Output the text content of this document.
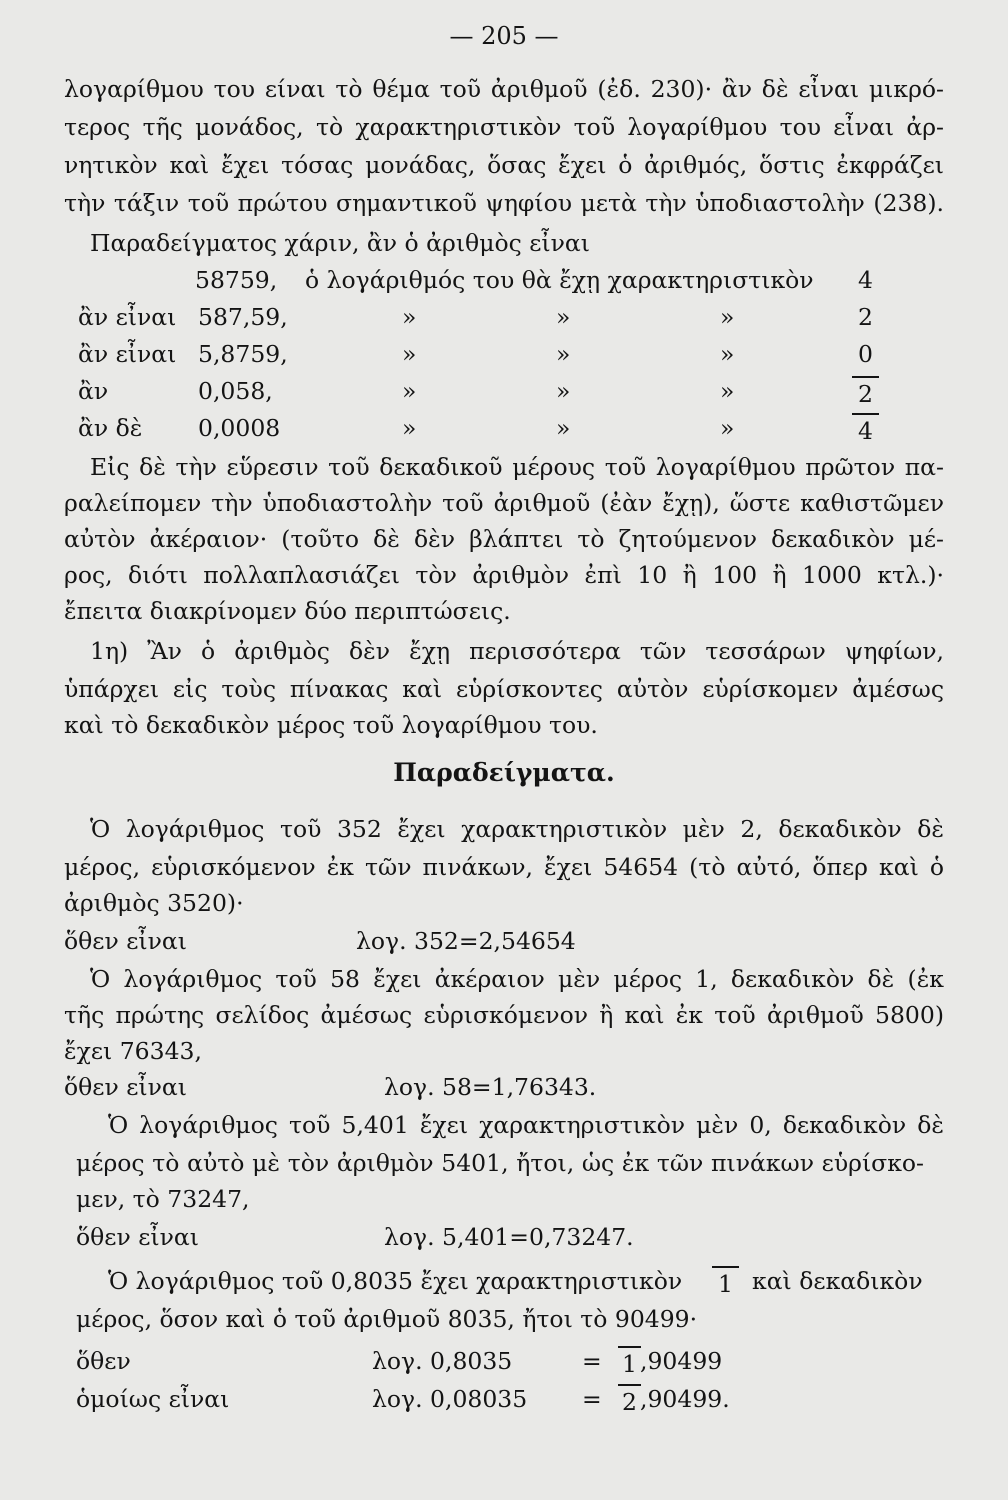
— 205 —
λογαρίθμου του είναι τὸ θέμα τοῦ ἀριθμοῦ (ἐδ. 230)· ἂν δὲ εἶναι μικρό-
τερος τῆς μονάδος, τὸ χαρακτηριστικὸν τοῦ λογαρίθμου του εἶναι ἀρ-
νητικὸν καὶ ἔχει τόσας μονάδας, ὅσας ἔχει ὁ ἀριθμός, ὅστις ἐκφράζει
τὴν τάξιν τοῦ πρώτου σημαντικοῦ ψηφίου μετὰ τὴν ὑποδιαστολὴν (238).
Παραδείγματος χάριν, ἂν ὁ ἀριθμὸς εἶναι
58759, ὁ λογάριθμός του θὰ ἔχῃ χαρακτηριστικὸν 4
ἂν εἶναι 587,59,	»	»	»	2
ἂν εἶναι 5,8759,	»	»	»	0
ἂν	0,058,	»	»	»	2
ἂν δὲ 0,0008	»	»	»	4
Εἰς δὲ τὴν εὕρεσιν τοῦ δεκαδικοῦ μέρους τοῦ λογαρίθμου πρῶτον πα-
ραλείπομεν τὴν ὑποδιαστολὴν τοῦ ἀριθμοῦ (ἐὰν ἔχῃ), ὥστε καθιστῶμεν
αὐτὸν ἀκέραιον· (τοῦτο δὲ δὲν βλάπτει τὸ ζητούμενον δεκαδικὸν μέ-
ρος, διότι πολλαπλασιάζει τὸν ἀριθμὸν ἐπὶ 10 ἢ 100 ἢ 1000 κτλ.)·
ἔπειτα διακρίνομεν δύο περιπτώσεις.
1η) Ἂν ὁ ἀριθμὸς δὲν ἔχῃ περισσότερα τῶν τεσσάρων ψηφίων,
ὑπάρχει εἰς τοὺς πίνακας καὶ εὑρίσκοντες αὐτὸν εὑρίσκομεν ἀμέσως
καὶ τὸ δεκαδικὸν μέρος τοῦ λογαρίθμου του.
Παραδείγματα.
Ὁ λογάριθμος τοῦ 352 ἔχει χαρακτηριστικὸν μὲν 2, δεκαδικὸν δὲ
μέρος, εὑρισκόμενον ἐκ τῶν πινάκων, ἔχει 54654 (τὸ αὐτό, ὅπερ καὶ ὁ
ἀριθμὸς 3520)·
ὅθεν εἶναι	λογ. 352=2,54654
Ὁ λογάριθμος τοῦ 58 ἔχει ἀκέραιον μὲν μέρος 1, δεκαδικὸν δὲ (ἐκ
τῆς πρώτης σελίδος ἀμέσως εὑρισκόμενον ἢ καὶ ἐκ τοῦ ἀριθμοῦ 5800)
ἔχει 76343,
ὅθεν εἶναι	λογ. 58=1,76343.
Ὁ λογάριθμος τοῦ 5,401 ἔχει χαρακτηριστικὸν μὲν 0, δεκαδικὸν δὲ
μέρος τὸ αὐτὸ μὲ τὸν ἀριθμὸν 5401, ἤτοι, ὡς ἐκ τῶν πινάκων εὑρίσκο-
μεν, τὸ 73247,
ὅθεν εἶναι	λογ. 5,401=0,73247.
Ὁ λογάριθμος τοῦ 0,8035 ἔχει χαρακτηριστικὸν 1 καὶ δεκαδικὸν
μέρος, ὅσον καὶ ὁ τοῦ ἀριθμοῦ 8035, ἤτοι τὸ 90499·
ὅθεν	λογ. 0,8035	= 1 ,90499
ὁμοίως εἶναι	λογ. 0,08035 = 2 ,90499.
